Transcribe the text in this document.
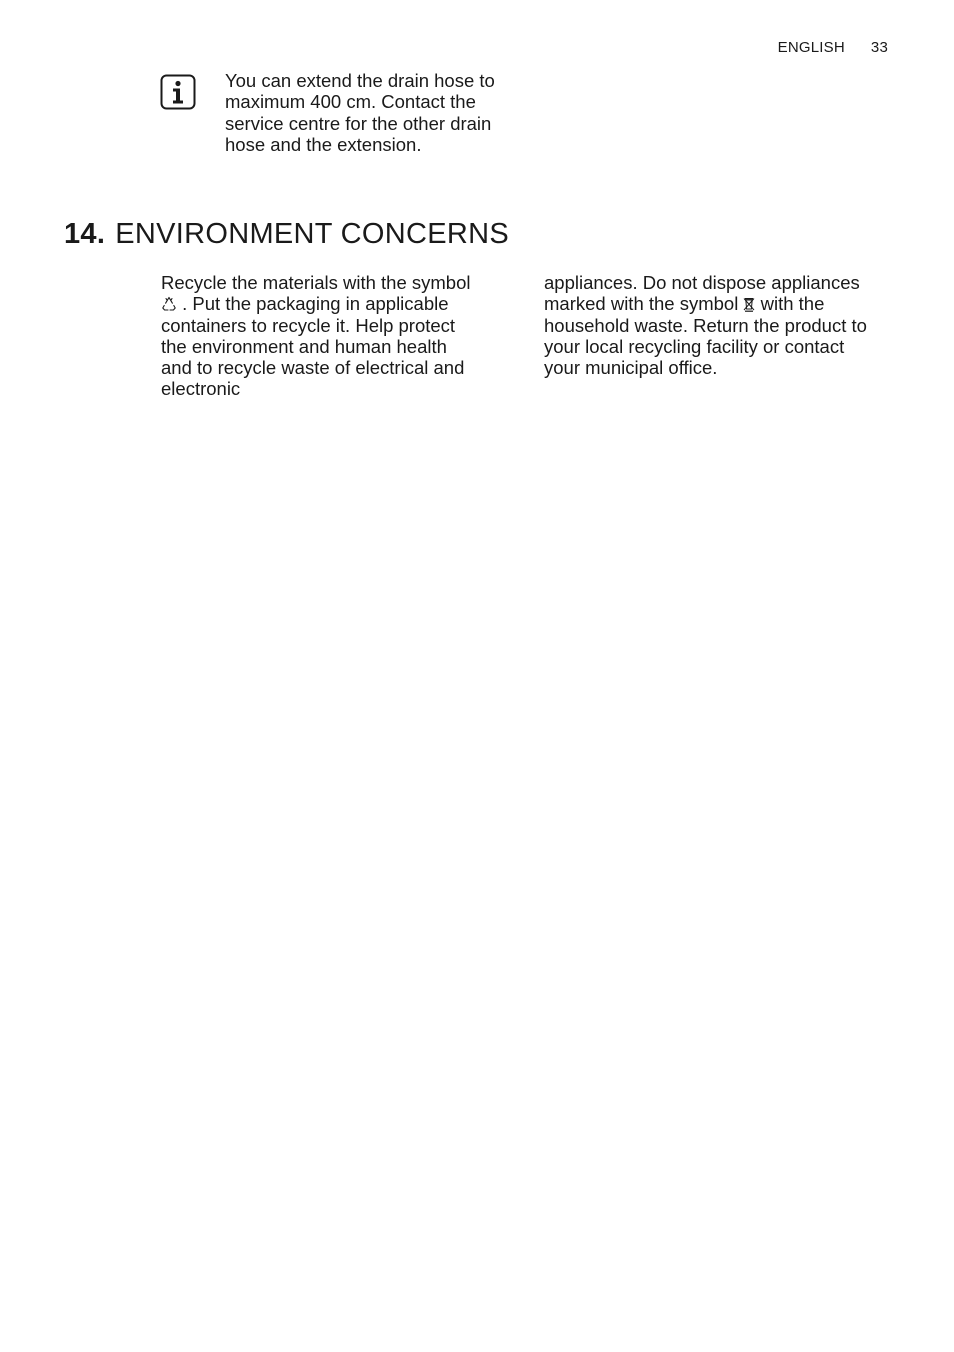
ENGLISH 33
You can extend the drain hose to maximum 400 cm. Contact the service centre for the other drain hose and the extension.
14. ENVIRONMENT CONCERNS

Recycle the materials with the symbol  . Put the packaging in applicable containers to recycle it. Help protect the environment and human health and to recycle waste of electrical and electronic

appliances. Do not dispose appliances marked with the symbol with the household waste. Return the product to your local recycling facility or contact your municipal office.
